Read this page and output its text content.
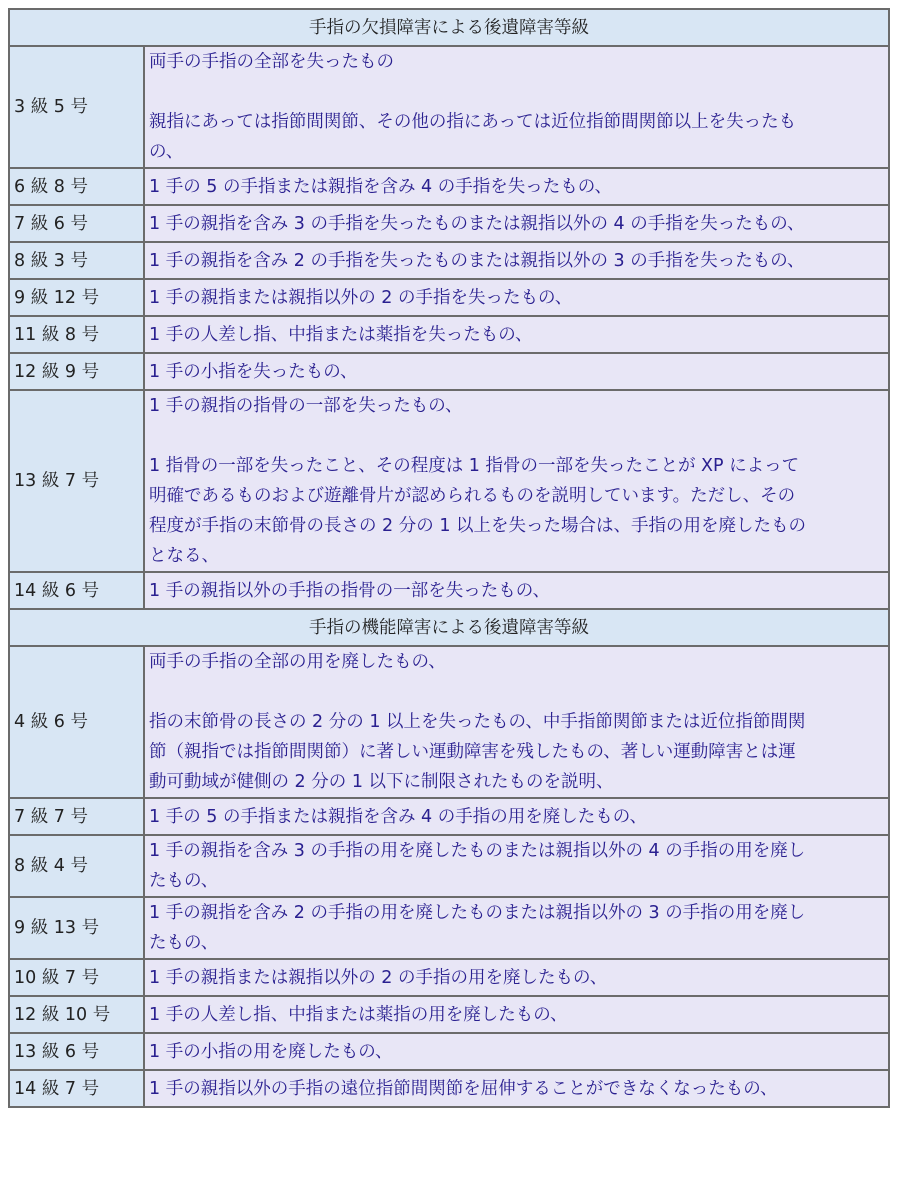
手指の欠損障害による後遺障害等級	
3 級 5 号	両手の手指の全部を失ったもの
親指にあっては指節間関節、その他の指にあっては近位指節間関節以上を失ったも
の、

6 級 8 号	1 手の 5 の手指または親指を含み 4 の手指を失ったもの、

7 級 6 号	1 手の親指を含み 3 の手指を失ったものまたは親指以外の 4 の手指を失ったもの、

8 級 3 号	1 手の親指を含み 2 の手指を失ったものまたは親指以外の 3 の手指を失ったもの、

9 級 12 号	1 手の親指または親指以外の 2 の手指を失ったもの、

11 級 8 号	1 手の人差し指、中指または薬指を失ったもの、

12 級 9 号	1 手の小指を失ったもの、

13 級 7 号	1 手の親指の指骨の一部を失ったもの、
1 指骨の一部を失ったこと、その程度は 1 指骨の一部を失ったことが XP によって
明確であるものおよび遊離骨片が認められるものを説明しています。ただし、その
程度が手指の末節骨の長さの 2 分の 1 以上を失った場合は、手指の用を廃したもの
となる、

14 級 6 号	1 手の親指以外の手指の指骨の一部を失ったもの、

手指の機能障害による後遺障害等級	
4 級 6 号	両手の手指の全部の用を廃したもの、
指の末節骨の長さの 2 分の 1 以上を失ったもの、中手指節関節または近位指節間関
節（親指では指節間関節）に著しい運動障害を残したもの、著しい運動障害とは運
動可動域が健側の 2 分の 1 以下に制限されたものを説明、

7 級 7 号	1 手の 5 の手指または親指を含み 4 の手指の用を廃したもの、

8 級 4 号	1 手の親指を含み 3 の手指の用を廃したものまたは親指以外の 4 の手指の用を廃し
たもの、

9 級 13 号	1 手の親指を含み 2 の手指の用を廃したものまたは親指以外の 3 の手指の用を廃し
たもの、

10 級 7 号	1 手の親指または親指以外の 2 の手指の用を廃したもの、

12 級 10 号	1 手の人差し指、中指または薬指の用を廃したもの、

13 級 6 号	1 手の小指の用を廃したもの、

14 級 7 号	1 手の親指以外の手指の遠位指節間関節を屈伸することができなくなったもの、
